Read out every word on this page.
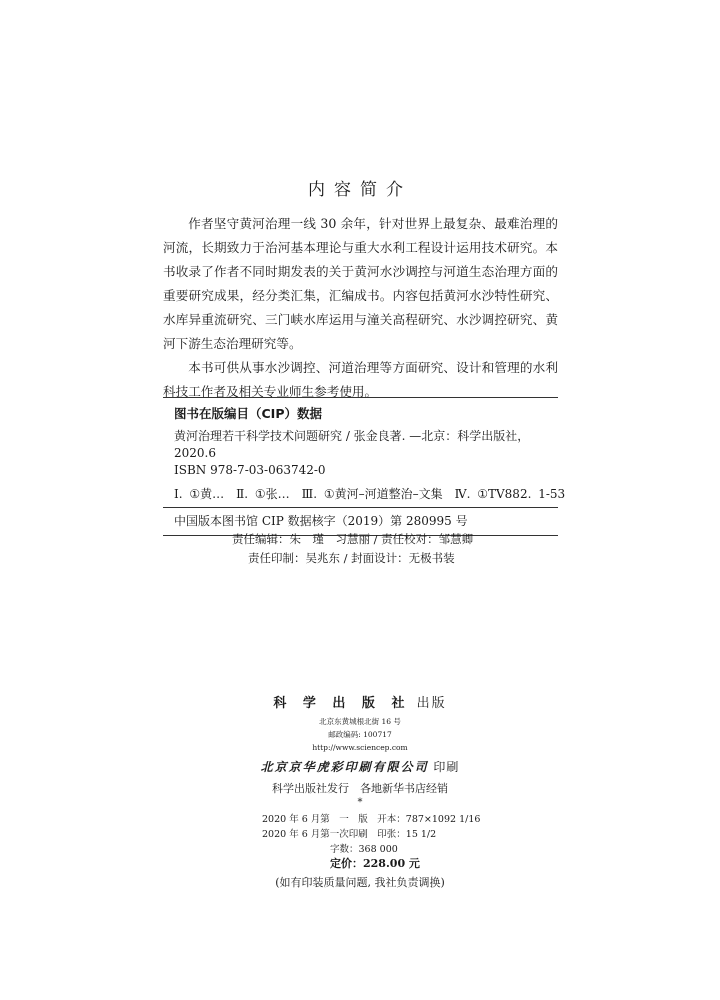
内容简介

作者坚守黄河治理一线 30 余年，针对世界上最复杂、最难治理的河流，长期致力于治河基本理论与重大水利工程设计运用技术研究。本书收录了作者不同时期发表的关于黄河水沙调控与河道生态治理方面的重要研究成果，经分类汇集，汇编成书。内容包括黄河水沙特性研究、水库异重流研究、三门峡水库运用与潼关高程研究、水沙调控研究、黄河下游生态治理研究等。

本书可供从事水沙调控、河道治理等方面研究、设计和管理的水利科技工作者及相关专业师生参考使用。

图书在版编目（CIP）数据
黄河治理若干科学技术问题研究 / 张金良著. —北京：科学出版社，
2020.6
ISBN 978-7-03-063742-0
Ⅰ. ①黄…　Ⅱ. ①张…　Ⅲ. ①黄河–河道整治–文集　Ⅳ. ①TV882. 1-53
中国版本图书馆 CIP 数据核字（2019）第 280995 号
责任编辑：朱　瑾　习慧丽 / 责任校对：邹慧卿
责任印制：吴兆东 / 封面设计：无极书装
科 学 出 版 社 出版
北京东黄城根北街 16 号
邮政编码: 100717
http://www.sciencep.com
北京京华虎彩印刷有限公司 印刷
科学出版社发行　各地新华书店经销
*
2020 年 6 月第　一　版　开本：787×1092 1/16
2020 年 6 月第一次印刷　印张：15 1/2
字数：368 000
定价：228.00 元
(如有印装质量问题, 我社负责调换)
